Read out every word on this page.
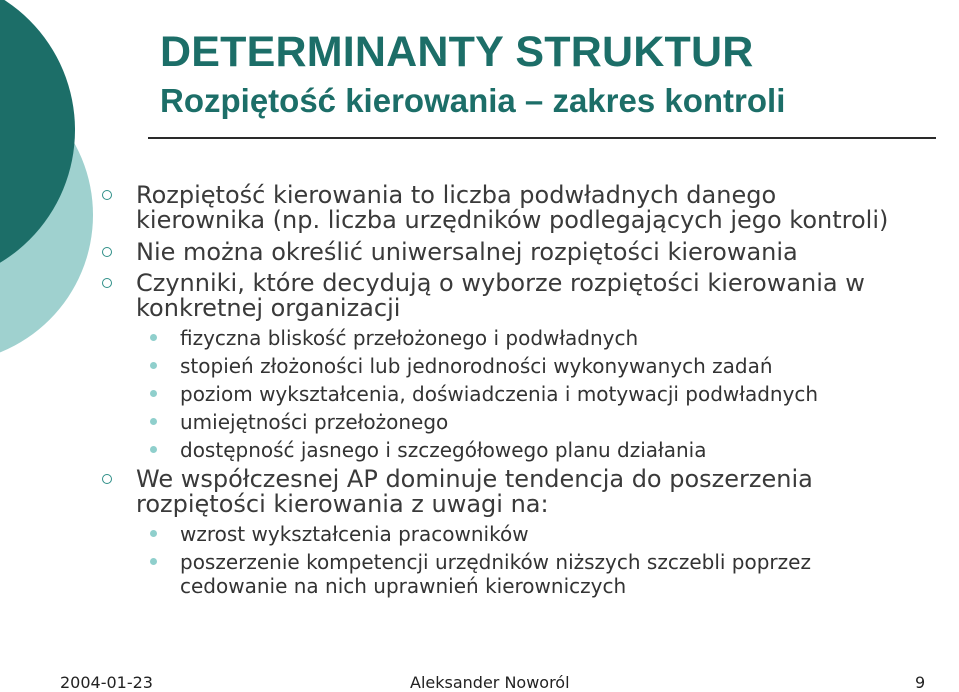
DETERMINANTY STRUKTUR
Rozpiętość kierowania – zakres kontroli
Rozpiętość kierowania to liczba podwładnych danego
kierownika (np. liczba urzędników podlegających jego kontroli)
Nie można określić uniwersalnej rozpiętości kierowania
Czynniki, które decydują o wyborze rozpiętości kierowania w
konkretnej organizacji
fizyczna bliskość przełożonego i podwładnych
stopień złożoności lub jednorodności wykonywanych zadań
poziom wykształcenia, doświadczenia i motywacji podwładnych
umiejętności przełożonego
dostępność jasnego i szczegółowego planu działania
We współczesnej AP dominuje tendencja do poszerzenia
rozpiętości kierowania z uwagi na:
wzrost wykształcenia pracowników
poszerzenie kompetencji urzędników niższych szczebli poprzez
cedowanie na nich uprawnień kierowniczych
2004-01-23	Aleksander Noworól	9
